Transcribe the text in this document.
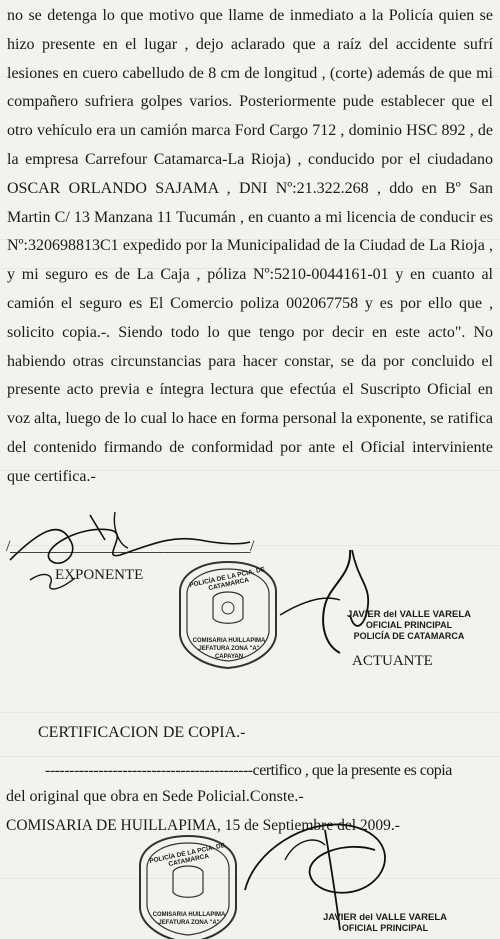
no se detenga lo que motivo que llame de inmediato a la Policía quien se hizo presente en el lugar , dejo aclarado que a raíz del accidente sufrí lesiones en cuero cabelludo de 8 cm de longitud , (corte) además de que mi compañero sufriera golpes varios. Posteriormente pude establecer que el otro vehículo era un camión marca Ford Cargo 712 , dominio HSC 892 , de la empresa Carrefour Catamarca-La Rioja) , conducido por el ciudadano OSCAR ORLANDO SAJAMA , DNI Nº:21.322.268 , ddo en Bº San Martin C/ 13 Manzana 11 Tucumán , en cuanto a mi licencia de conducir es Nº:320698813C1 expedido por la Municipalidad de la Ciudad de La Rioja , y mi seguro es de La Caja , póliza Nº:5210-0044161-01 y en cuanto al camión el seguro es El Comercio poliza 002067758 y es por ello que , solicito copia.-. Siendo todo lo que tengo por decir en este acto". No habiendo otras circunstancias para hacer constar, se da por concluido el presente acto previa e íntegra lectura que efectúa el Suscripto Oficial en voz alta, luego de lo cual lo hace en forma personal la exponente, se ratifica del contenido firmando de conformidad por ante el Oficial interviniente que certifica.-
/________________________________/
EXPONENTE	POLICÍA DE LA PCIA. DE CATAMARCA
COMISARIA HUILLAPIMA
JEFATURA ZONA "A"
CAPAYAN
JAVIER del VALLE VARELA
OFICIAL PRINCIPAL
POLICÍA DE CATAMARCA
ACTUANTE
CERTIFICACION DE COPIA.-
-------------------------------------------certifico , que la presente es copia
del original que obra en Sede Policial.Conste.-
COMISARIA DE HUILLAPIMA, 15 de Septiembre del 2009.-
POLICÍA DE LA PCIA. DE CATAMARCA
COMISARIA HUILLAPIMA
JEFATURA ZONA "A"	JAVIER del VALLE VARELA
OFICIAL PRINCIPAL
